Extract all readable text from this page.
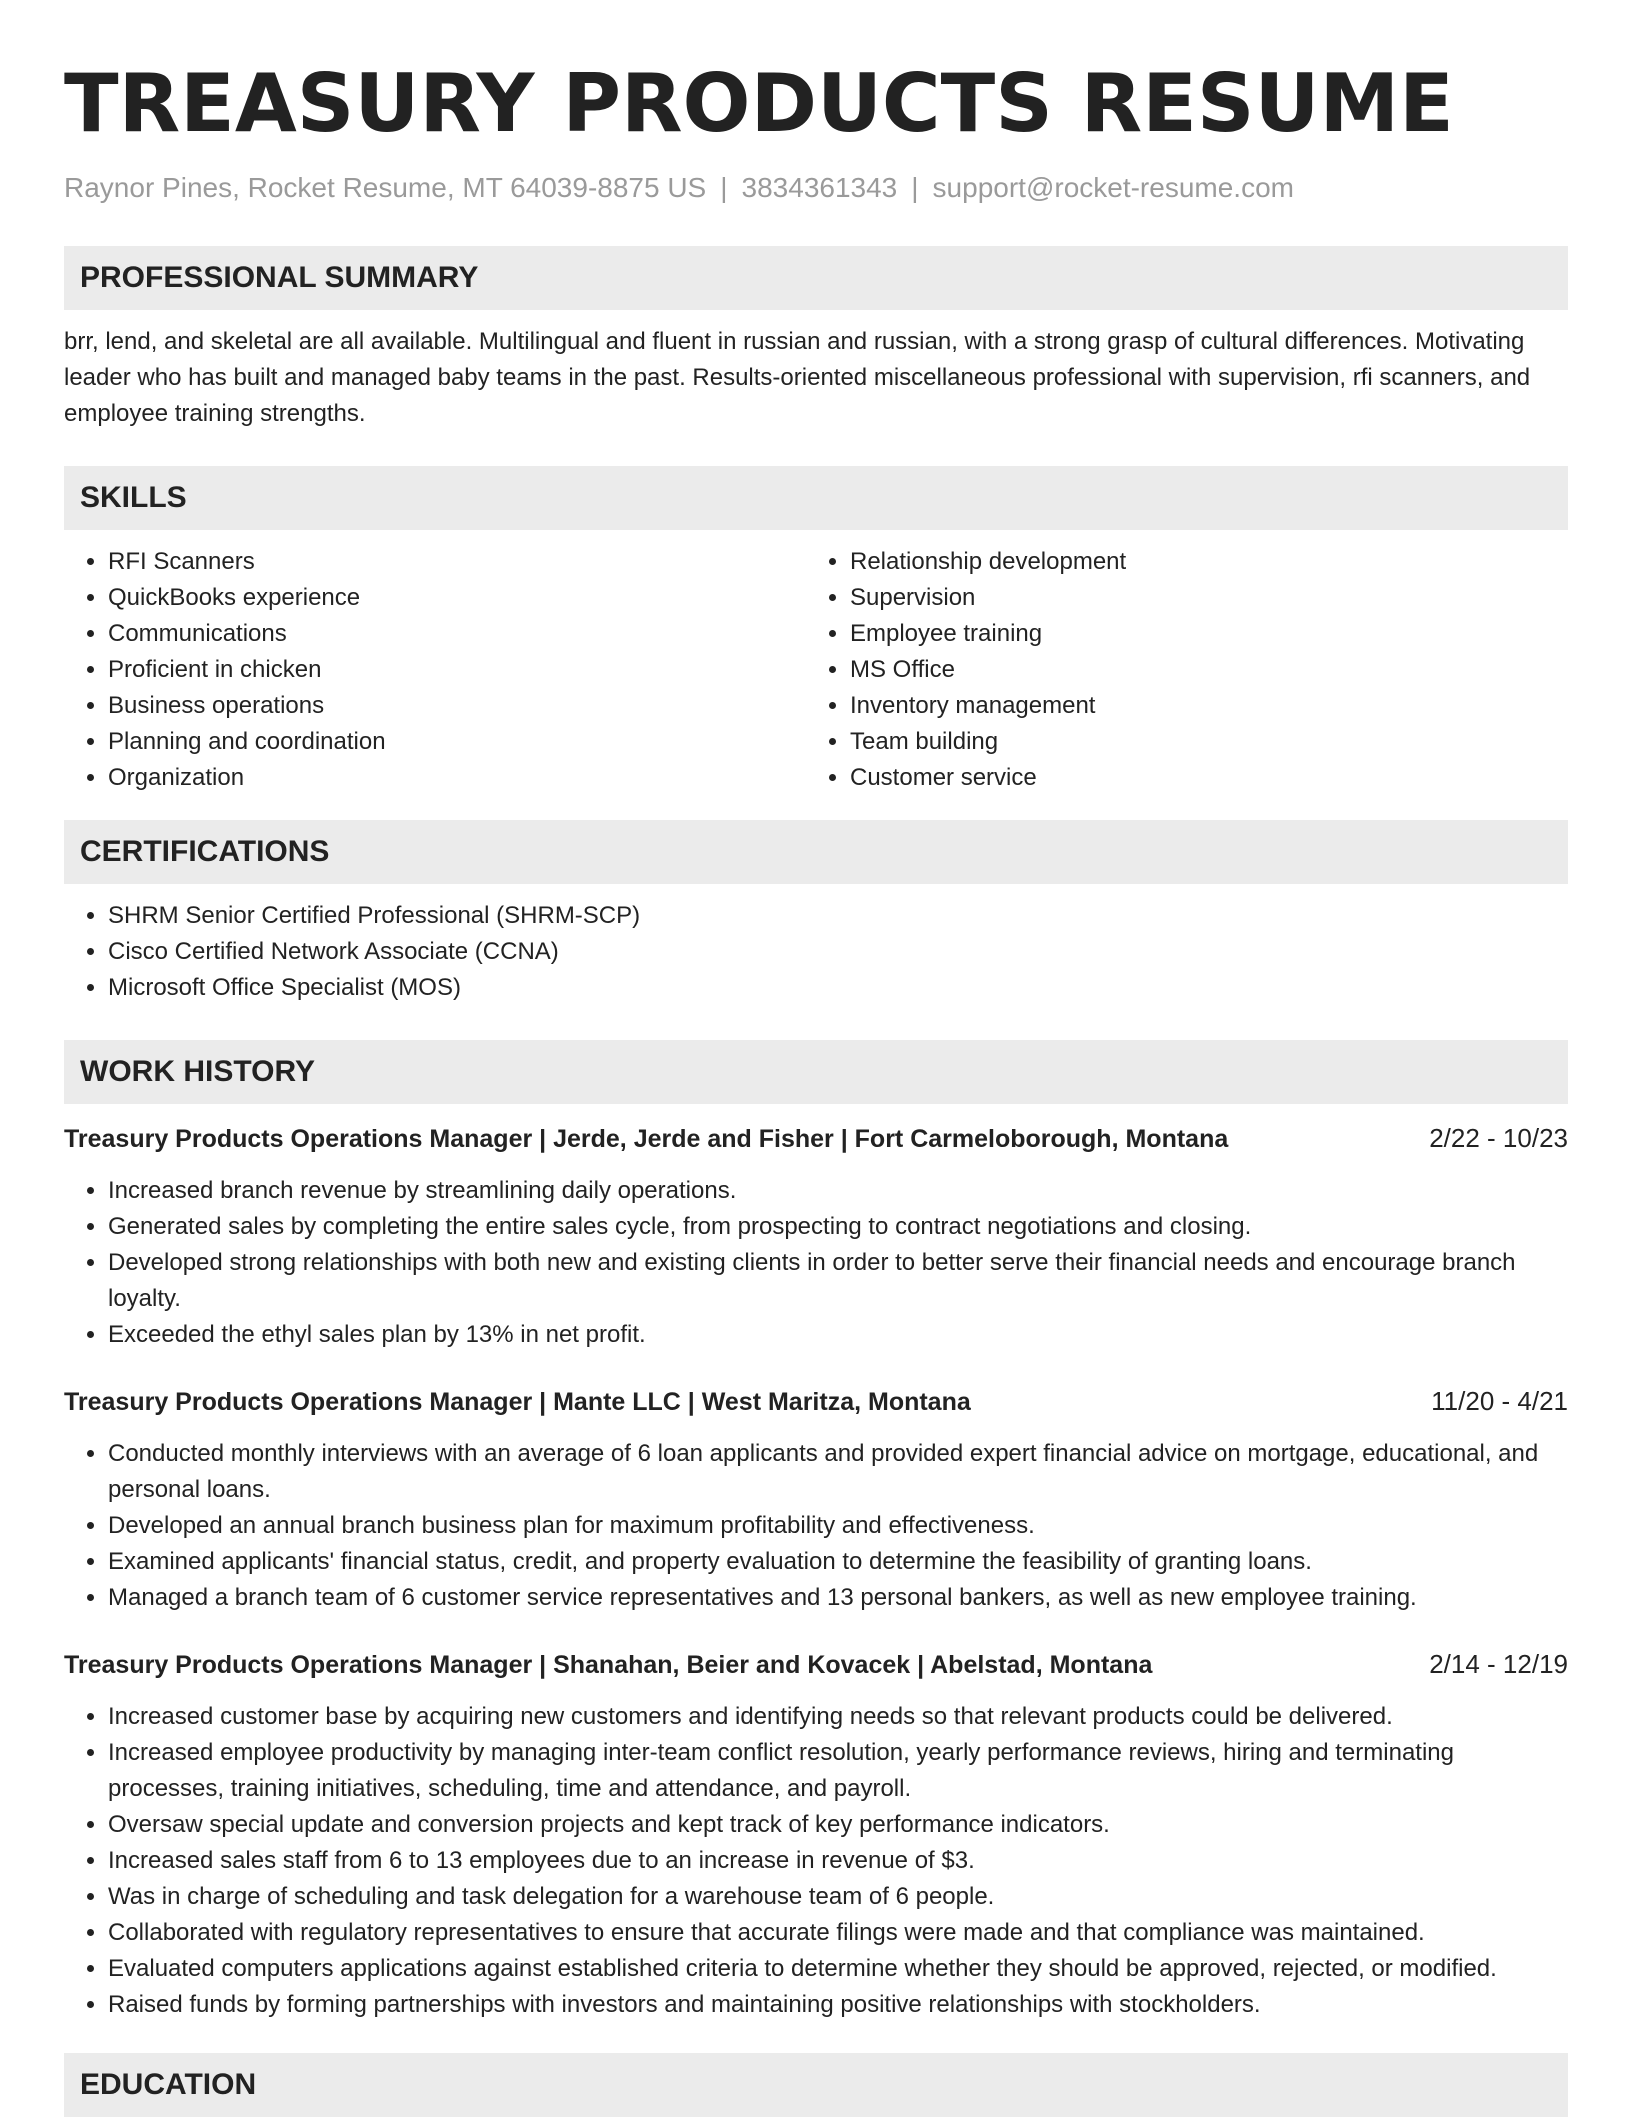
TREASURY PRODUCTS RESUME
Raynor Pines, Rocket Resume, MT 64039-8875 US | 3834361343 | support@rocket-resume.com
PROFESSIONAL SUMMARY

brr, lend, and skeletal are all available. Multilingual and fluent in russian and russian, with a strong grasp of cultural differences. Motivating leader who has built and managed baby teams in the past. Results-oriented miscellaneous professional with supervision, rfi scanners, and employee training strengths.

SKILLS
• RFI Scanners
• QuickBooks experience
• Communications
• Proficient in chicken
• Business operations
• Planning and coordination
• Organization
• Relationship development
• Supervision
• Employee training
• MS Office
• Inventory management
• Team building
• Customer service
CERTIFICATIONS
• SHRM Senior Certified Professional (SHRM-SCP)
• Cisco Certified Network Associate (CCNA)
• Microsoft Office Specialist (MOS)
WORK HISTORY
Treasury Products Operations Manager | Jerde, Jerde and Fisher | Fort Carmeloborough, Montana	2/22 - 10/23
• Increased branch revenue by streamlining daily operations.
• Generated sales by completing the entire sales cycle, from prospecting to contract negotiations and closing.
• Developed strong relationships with both new and existing clients in order to better serve their financial needs and encourage branch loyalty.
• Exceeded the ethyl sales plan by 13% in net profit.
Treasury Products Operations Manager | Mante LLC | West Maritza, Montana	11/20 - 4/21
• Conducted monthly interviews with an average of 6 loan applicants and provided expert financial advice on mortgage, educational, and personal loans.
• Developed an annual branch business plan for maximum profitability and effectiveness.
• Examined applicants' financial status, credit, and property evaluation to determine the feasibility of granting loans.
• Managed a branch team of 6 customer service representatives and 13 personal bankers, as well as new employee training.
Treasury Products Operations Manager | Shanahan, Beier and Kovacek | Abelstad, Montana	2/14 - 12/19
• Increased customer base by acquiring new customers and identifying needs so that relevant products could be delivered.
• Increased employee productivity by managing inter-team conflict resolution, yearly performance reviews, hiring and terminating processes, training initiatives, scheduling, time and attendance, and payroll.
• Oversaw special update and conversion projects and kept track of key performance indicators.
• Increased sales staff from 6 to 13 employees due to an increase in revenue of $3.
• Was in charge of scheduling and task delegation for a warehouse team of 6 people.
• Collaborated with regulatory representatives to ensure that accurate filings were made and that compliance was maintained.
• Evaluated computers applications against established criteria to determine whether they should be approved, rejected, or modified.
• Raised funds by forming partnerships with investors and maintaining positive relationships with stockholders.
EDUCATION
